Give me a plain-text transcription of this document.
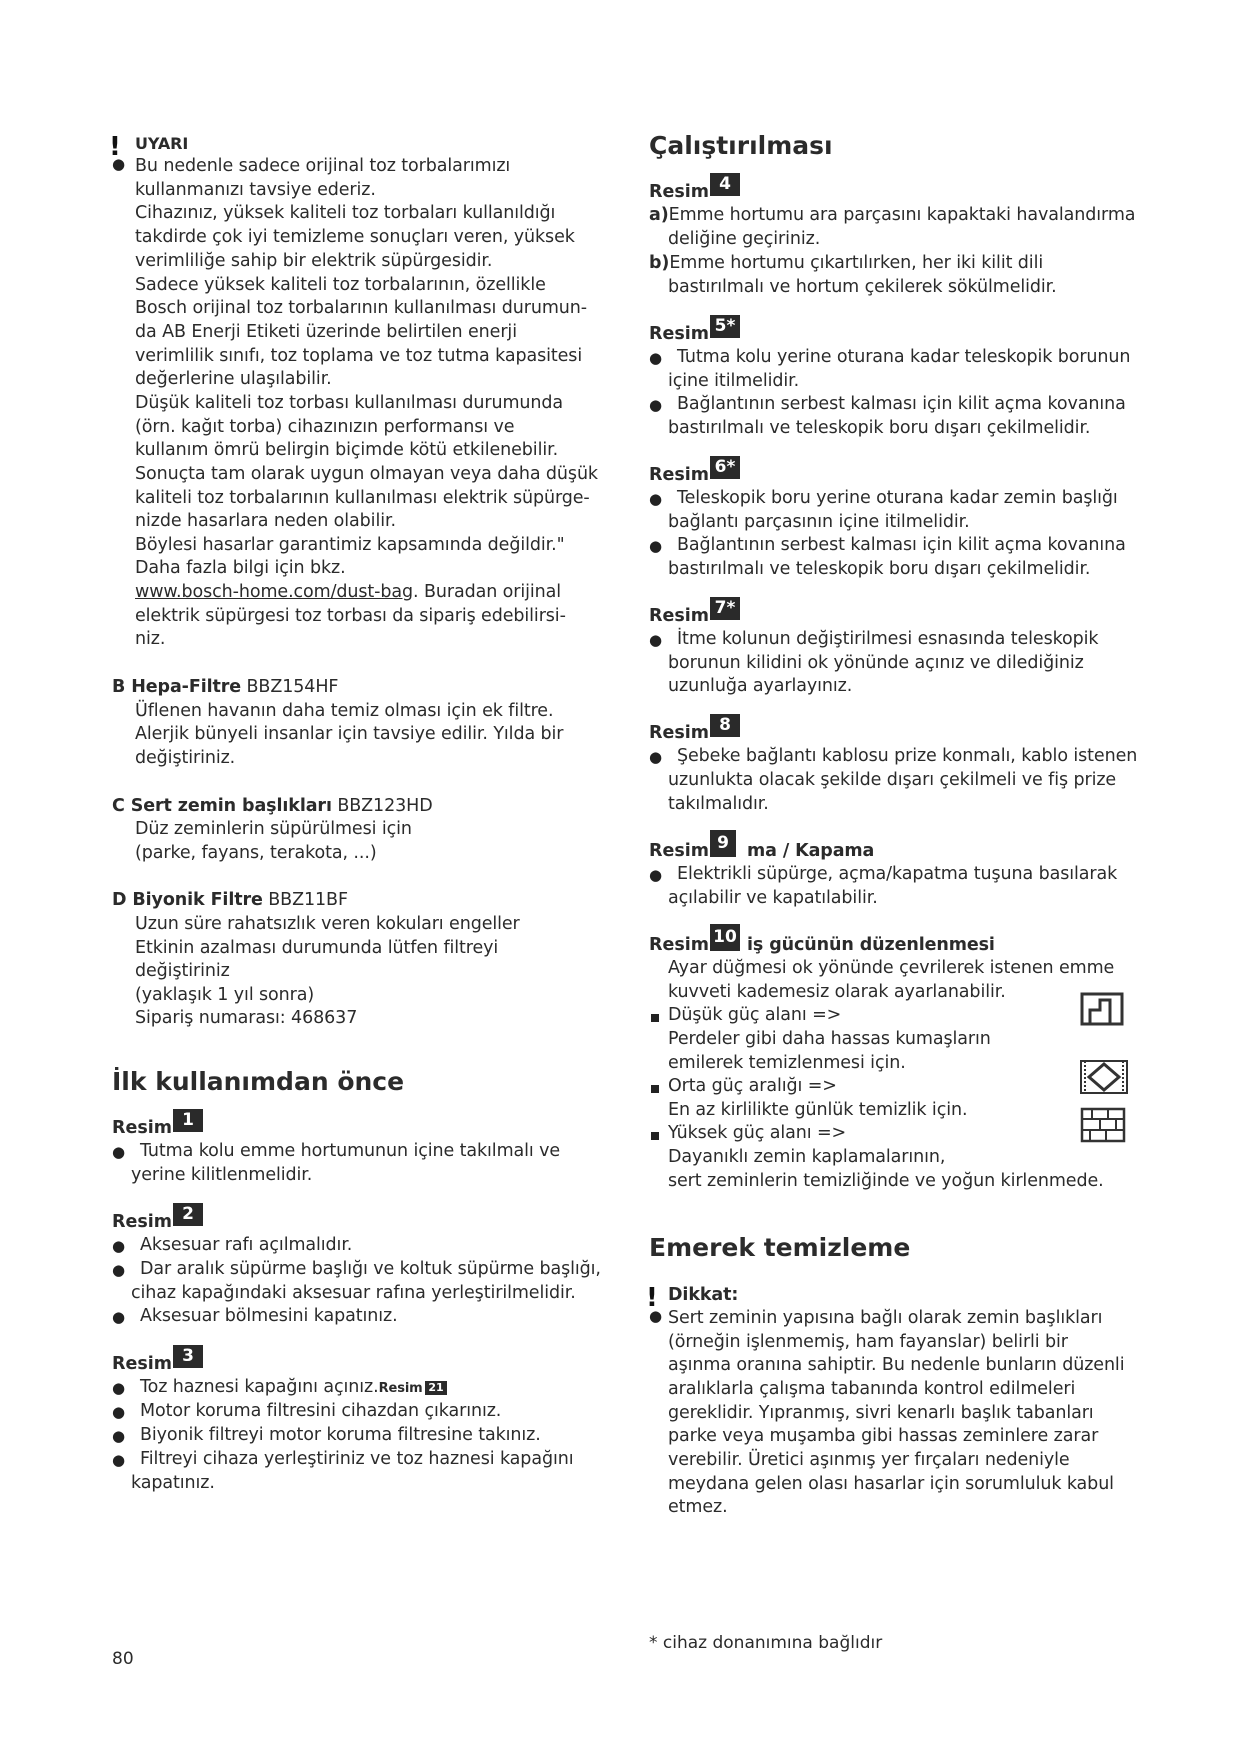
!
●
UYARI
Bu nedenle sadece orijinal toz torbalarımızı
kullanmanızı tavsiye ederiz.
Cihazınız, yüksek kaliteli toz torbaları kullanıldığı
takdirde çok iyi temizleme sonuçları veren, yüksek
verimliliğe sahip bir elektrik süpürgesidir.
Sadece yüksek kaliteli toz torbalarının, özellikle
Bosch orijinal toz torbalarının kullanılması durumun-
da AB Enerji Etiketi üzerinde belirtilen enerji
verimlilik sınıfı, toz toplama ve toz tutma kapasitesi
değerlerine ulaşılabilir.
Düşük kaliteli toz torbası kullanılması durumunda
(örn. kağıt torba) cihazınızın performansı ve
kullanım ömrü belirgin biçimde kötü etkilenebilir.
Sonuçta tam olarak uygun olmayan veya daha düşük
kaliteli toz torbalarının kullanılması elektrik süpürge-
nizde hasarlara neden olabilir.
Böylesi hasarlar garantimiz kapsamında değildir."
Daha fazla bilgi için bkz.
www.bosch-home.com/dust-bag. Buradan orijinal
elektrik süpürgesi toz torbası da sipariş edebilirsi-
niz.
B Hepa-Filtre BBZ154HF
Üflenen havanın daha temiz olması için ek filtre.
Alerjik bünyeli insanlar için tavsiye edilir. Yılda bir
değiştiriniz.
C Sert zemin başlıkları BBZ123HD
Düz zeminlerin süpürülmesi için
(parke, fayans, terakota, ...)
D Biyonik Filtre BBZ11BF
Uzun süre rahatsızlık veren kokuları engeller
Etkinin azalması durumunda lütfen filtreyi
değiştiriniz
(yaklaşık 1 yıl sonra)
Sipariş numarası: 468637
İlk kullanımdan önce
Resim 1
● Tutma kolu emme hortumunun içine takılmalı ve
yerine kilitlenmelidir.
Resim 2
● Aksesuar rafı açılmalıdır.
● Dar aralık süpürme başlığı ve koltuk süpürme başlığı,
cihaz kapağındaki aksesuar rafına yerleştirilmelidir.
● Aksesuar bölmesini kapatınız.
Resim 3
● Toz haznesi kapağını açınız.Resim 21
● Motor koruma filtresini cihazdan çıkarınız.
● Biyonik filtreyi motor koruma filtresine takınız.
● Filtreyi cihaza yerleştiriniz ve toz haznesi kapağını
kapatınız.
Çalıştırılması
Resim 4
a)Emme hortumu ara parçasını kapaktaki havalandırma
deliğine geçiriniz.
b)Emme hortumu çıkartılırken, her iki kilit dili
bastırılmalı ve hortum çekilerek sökülmelidir.
Resim 5*
● Tutma kolu yerine oturana kadar teleskopik borunun
içine itilmelidir.
● Bağlantının serbest kalması için kilit açma kovanına
bastırılmalı ve teleskopik boru dışarı çekilmelidir.
Resim 6*
● Teleskopik boru yerine oturana kadar zemin başlığı
bağlantı parçasının içine itilmelidir.
● Bağlantının serbest kalması için kilit açma kovanına
bastırılmalı ve teleskopik boru dışarı çekilmelidir.
Resim 7*
● İtme kolunun değiştirilmesi esnasında teleskopik
borunun kilidini ok yönünde açınız ve dilediğiniz
uzunluğa ayarlayınız.
Resim 8
● Şebeke bağlantı kablosu prize konmalı, kablo istenen
uzunlukta olacak şekilde dışarı çekilmeli ve fiş prize
takılmalıdır.
Resim 9	ma / Kapama
● Elektrikli süpürge, açma/kapatma tuşuna basılarak
açılabilir ve kapatılabilir.
Resim 10 iş gücünün düzenlenmesi
Ayar düğmesi ok yönünde çevrilerek istenen emme
kuvveti kademesiz olarak ayarlanabilir.
Düşük güç alanı =>
Perdeler gibi daha hassas kumaşların
emilerek temizlenmesi için.
Orta güç aralığı =>
En az kirlilikte günlük temizlik için.
Yüksek güç alanı =>
Dayanıklı zemin kaplamalarının,
sert zeminlerin temizliğinde ve yoğun kirlenmede.
Emerek temizleme
!
●
Dikkat:
Sert zeminin yapısına bağlı olarak zemin başlıkları
(örneğin işlenmemiş, ham fayanslar) belirli bir
aşınma oranına sahiptir. Bu nedenle bunların düzenli
aralıklarla çalışma tabanında kontrol edilmeleri
gereklidir. Yıpranmış, sivri kenarlı başlık tabanları
parke veya muşamba gibi hassas zeminlere zarar
verebilir. Üretici aşınmış yer fırçaları nedeniyle
meydana gelen olası hasarlar için sorumluluk kabul
etmez.
80
* cihaz donanımına bağlıdır
